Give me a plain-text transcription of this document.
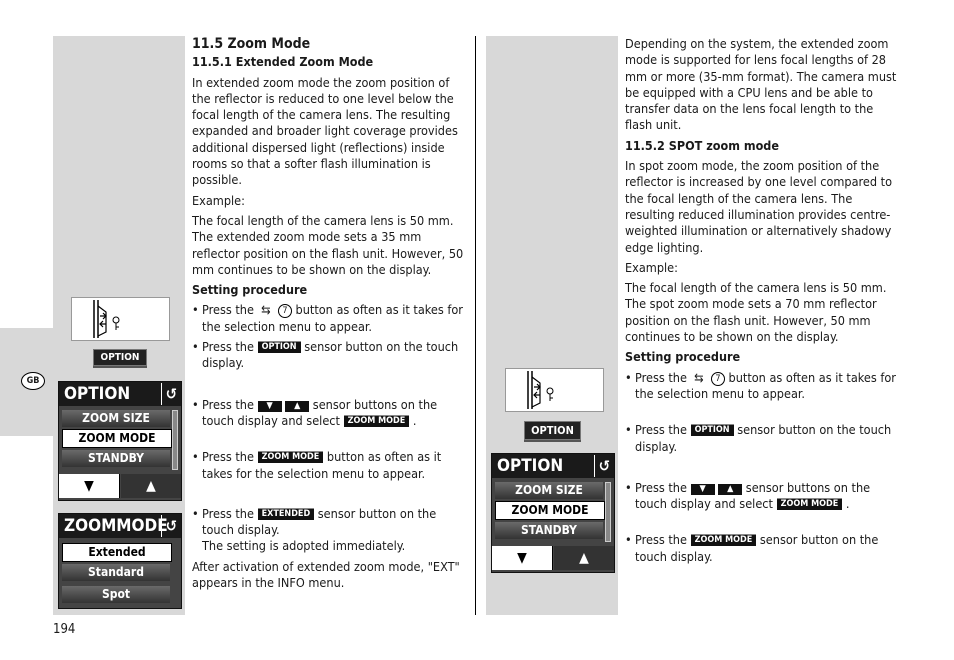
GB
194
OPTION
OPTION	↺
ZOOM SIZE
ZOOM MODE
STANDBY
▼	▲
ZOOMMODE
↺
Extended
Standard
Spot
OPTION
OPTION	↺
ZOOM SIZE
ZOOM MODE
STANDBY
▼	▲

11.5 Zoom Mode

11.5.1 Extended Zoom Mode

In extended zoom mode the zoom position of the reflector is reduced to one level below the focal length of the camera lens. The resulting expanded and broader light coverage provides additional dispersed light (reflections) inside rooms so that a softer flash illumination is possible.

Example:

The focal length of the camera lens is 50 mm. The extended zoom mode sets a 35 mm reflector position on the flash unit. However, 50 mm continues to be shown on the display.

Setting procedure

• Press the  ⇆  7 button as often as it takes for the selection menu to appear.

• Press the OPTION sensor button on the touch display.

• Press the ▼ ▲ sensor buttons on the touch display and select ZOOM MODE .

• Press the ZOOM MODE button as often as it takes for the selection menu to appear.

• Press the EXTENDED sensor button on the touch display.
The setting is adopted immediately.

After activation of extended zoom mode, "EXT" appears in the INFO menu.

Depending on the system, the extended zoom mode is supported for lens focal lengths of 28 mm or more (35-mm format). The camera must be equipped with a CPU lens and be able to transfer data on the lens focal length to the flash unit.

11.5.2 SPOT zoom mode

In spot zoom mode, the zoom position of the reflector is increased by one level compared to the focal length of the camera lens. The resulting reduced illumination provides centre-weighted illumination or alternatively shadowy edge lighting.

Example:

The focal length of the camera lens is 50 mm. The spot zoom mode sets a 70 mm reflector position on the flash unit. However, 50 mm continues to be shown on the display.

Setting procedure

• Press the  ⇆  7 button as often as it takes for the selection menu to appear.

• Press the OPTION sensor button on the touch display.

• Press the ▼ ▲ sensor buttons on the touch display and select ZOOM MODE .

• Press the ZOOM MODE sensor button on the touch display.
